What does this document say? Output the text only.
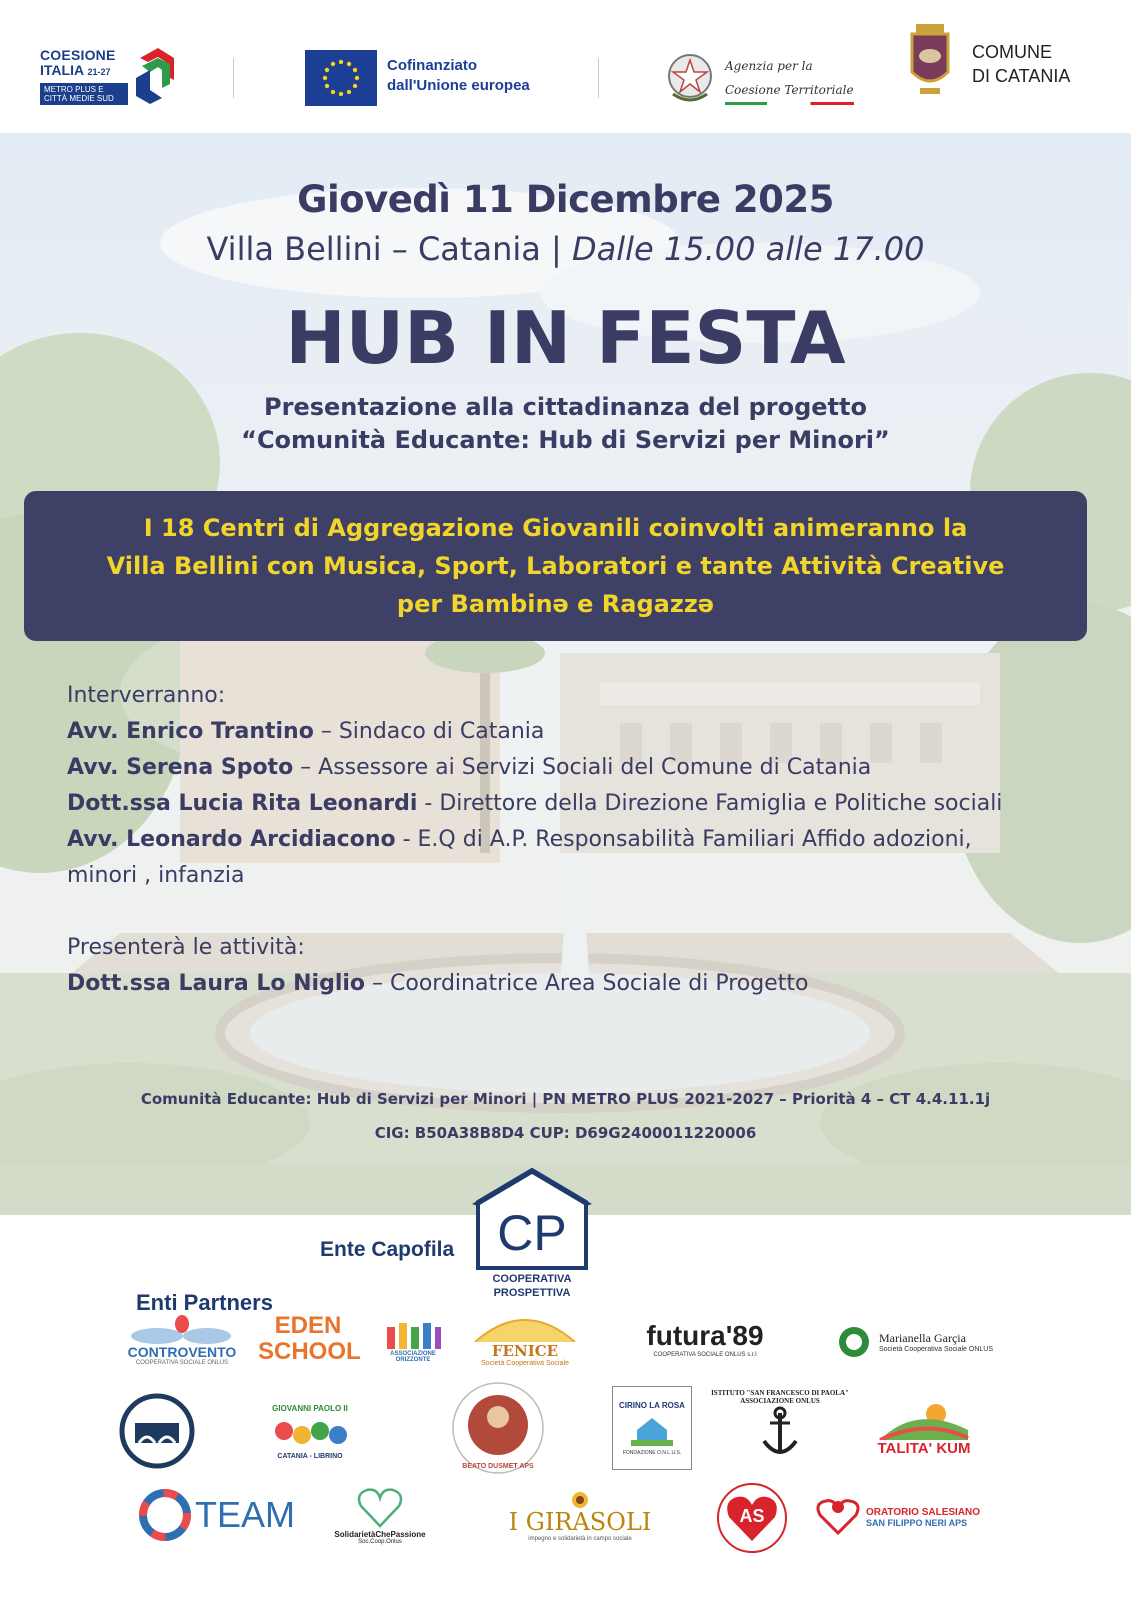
COESIONE
ITALIA 21-27
METRO PLUS E CITTÀ MEDIE SUD
Cofinanziato
dall'Unione europea
Agenzia per la
Coesione Territoriale
COMUNE
DI CATANIA
Giovedì 11 Dicembre 2025
Villa Bellini – Catania | Dalle 15.00 alle 17.00
HUB IN FESTA
Presentazione alla cittadinanza del progetto
“Comunità Educante: Hub di Servizi per Minori”
I 18 Centri di Aggregazione Giovanili coinvolti animeranno la
Villa Bellini con Musica, Sport, Laboratori e tante Attività Creative
per Bambinə e Ragazzə
Interverranno:
Avv. Enrico Trantino – Sindaco di Catania
Avv. Serena Spoto – Assessore ai Servizi Sociali del Comune di Catania
Dott.ssa Lucia Rita Leonardi - Direttore della Direzione Famiglia e Politiche sociali
Avv. Leonardo Arcidiacono - E.Q di A.P. Responsabilità Familiari Affido adozioni,
minori , infanzia
Presenterà le attività:
Dott.ssa Laura Lo Niglio – Coordinatrice Area Sociale di Progetto
Comunità Educante: Hub di Servizi per Minori | PN METRO PLUS 2021-2027 – Priorità 4 – CT 4.4.11.1j
CIG: B50A38B8D4 CUP: D69G2400011220006
Ente Capofila CP
COOPERATIVA
PROSPETTIVA
Enti Partners
CONTROVENTO
COOPERATIVA SOCIALE ONLUS
EDEN SCHOOL	ASSOCIAZIONE ORIZZONTE
FENICE
Società Cooperativa Sociale
futura'89
COOPERATIVA SOCIALE ONLUS s.r.l
Marianella Garçia
Società Cooperativa Sociale ONLUS
GIOVANNI PAOLO II
CATANIA - LIBRINO
BEATO DUSMET APS
CIRINO LA ROSA
FONDAZIONE O.N.L.U.S.
ISTITUTO "SAN FRANCESCO DI PAOLA"
ASSOCIAZIONE ONLUS
TALITA' KUM
TEAM	SolidarietàChePassione
Soc.Coop.Onlus
I GIRASOLI
impegno e solidarietà in campo sociale
AS	ORATORIO SALESIANO
SAN FILIPPO NERI APS
